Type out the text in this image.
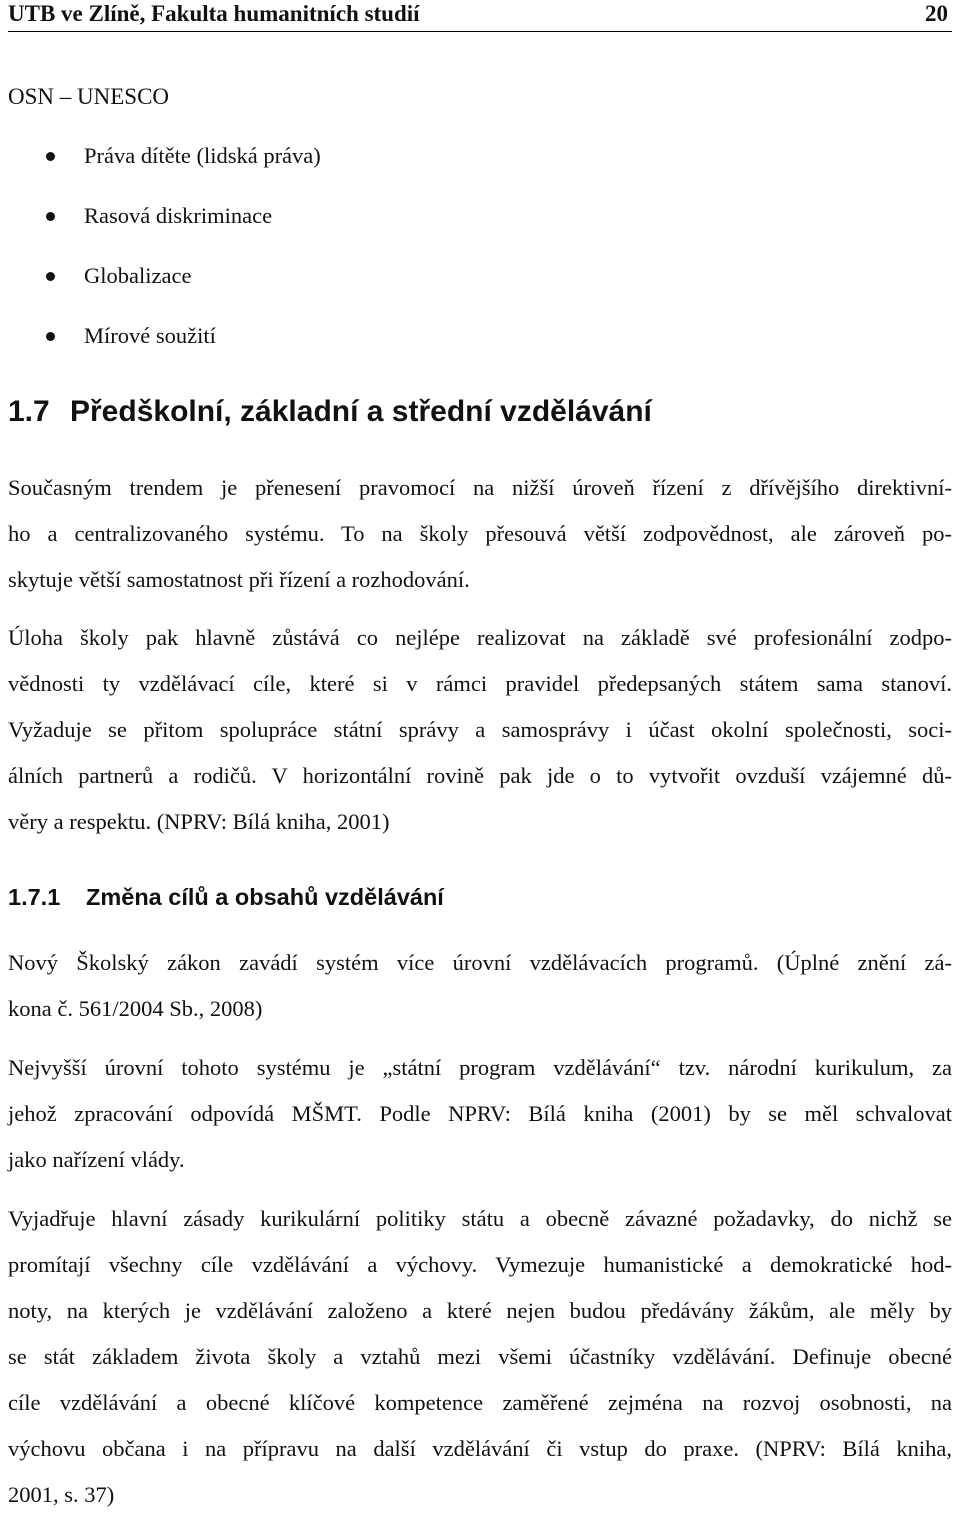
UTB ve Zlíně, Fakulta humanitních studií	20
OSN – UNESCO
Práva dítěte (lidská práva)
Rasová diskriminace
Globalizace
Mírové soužití
1.7 Předškolní, základní a střední vzdělávání
Současným trendem je přenesení pravomocí na nižší úroveň řízení z dřívějšího direktivní-
ho a centralizovaného systému. To na školy přesouvá větší zodpovědnost, ale zároveň po-
skytuje větší samostatnost při řízení a rozhodování.
Úloha školy pak hlavně zůstává co nejlépe realizovat na základě své profesionální zodpo-
vědnosti ty vzdělávací cíle, které si v rámci pravidel předepsaných státem sama stanoví.
Vyžaduje se přitom spolupráce státní správy a samosprávy i účast okolní společnosti, soci-
álních partnerů a rodičů. V horizontální rovině pak jde o to vytvořit ovzduší vzájemné dů-
věry a respektu. (NPRV: Bílá kniha, 2001)
1.7.1 Změna cílů a obsahů vzdělávání
Nový Školský zákon zavádí systém více úrovní vzdělávacích programů. (Úplné znění zá-
kona č. 561/2004 Sb., 2008)
Nejvyšší úrovní tohoto systému je „státní program vzdělávání“ tzv. národní kurikulum, za
jehož zpracování odpovídá MŠMT. Podle NPRV: Bílá kniha (2001) by se měl schvalovat
jako nařízení vlády.
Vyjadřuje hlavní zásady kurikulární politiky státu a obecně závazné požadavky, do nichž se
promítají všechny cíle vzdělávání a výchovy. Vymezuje humanistické a demokratické hod-
noty, na kterých je vzdělávání založeno a které nejen budou předávány žákům, ale měly by
se stát základem života školy a vztahů mezi všemi účastníky vzdělávání. Definuje obecné
cíle vzdělávání a obecné klíčové kompetence zaměřené zejména na rozvoj osobnosti, na
výchovu občana i na přípravu na další vzdělávání či vstup do praxe. (NPRV: Bílá kniha,
2001, s. 37)
